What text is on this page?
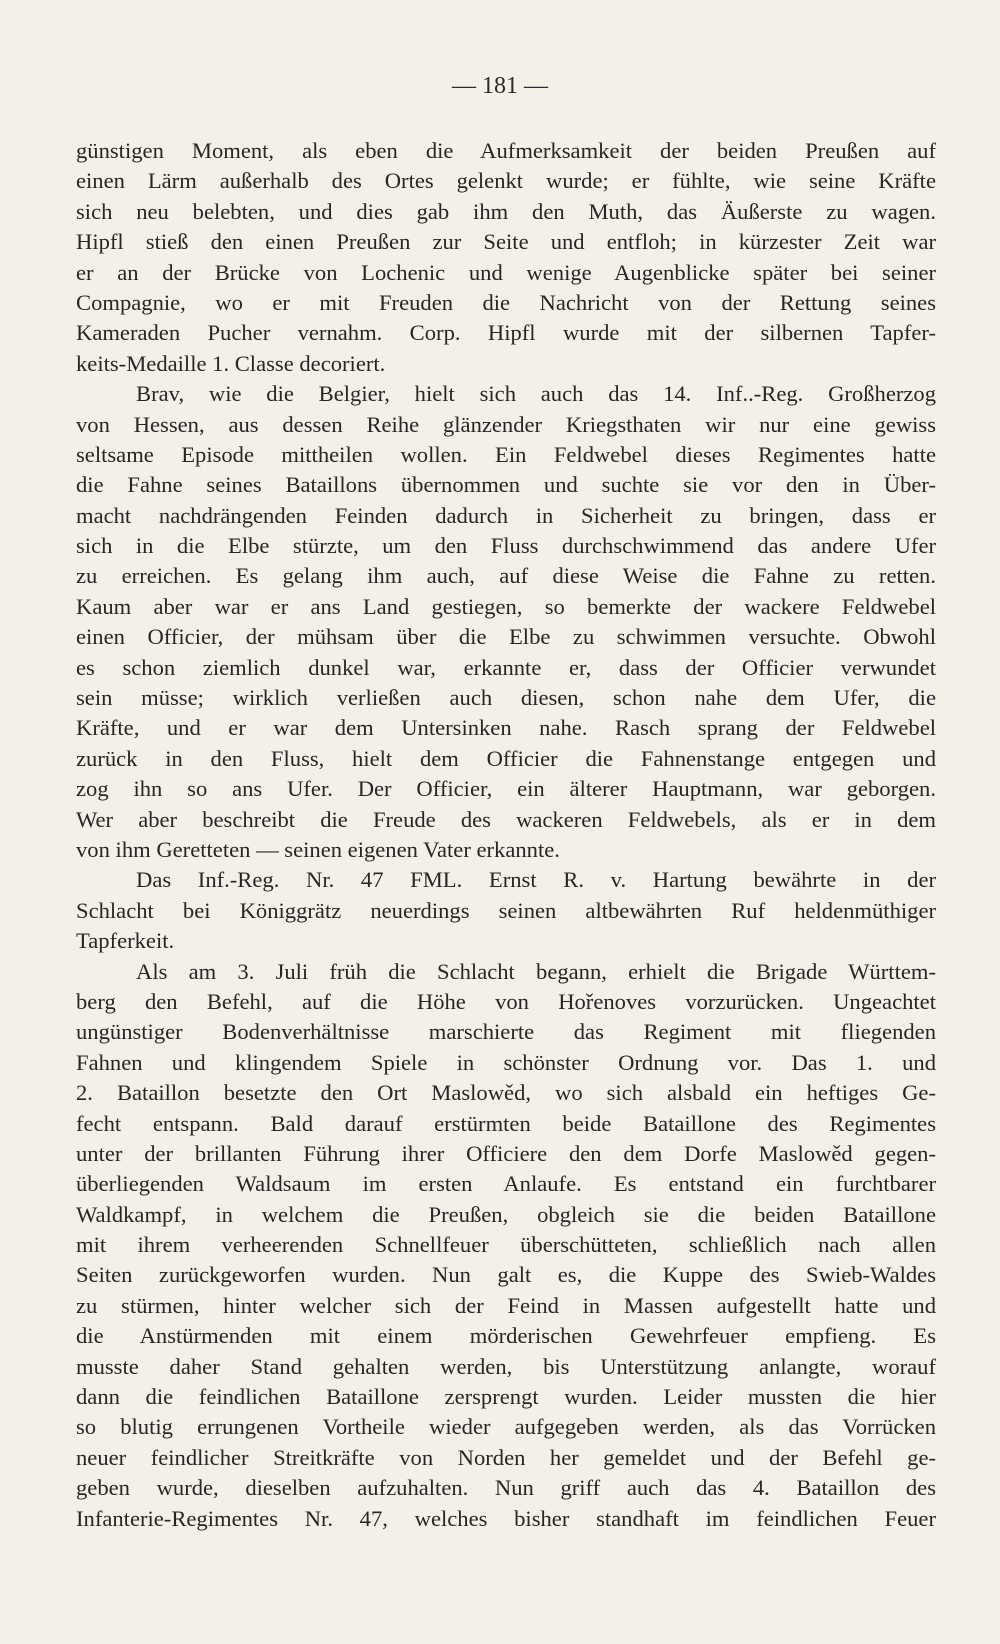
— 181 —
günstigen Moment, als eben die Aufmerksamkeit der beiden Preußen auf
einen Lärm außerhalb des Ortes gelenkt wurde; er fühlte, wie seine Kräfte
sich neu belebten, und dies gab ihm den Muth, das Äußerste zu wagen.
Hipfl stieß den einen Preußen zur Seite und entfloh; in kürzester Zeit war
er an der Brücke von Lochenic und wenige Augenblicke später bei seiner
Compagnie, wo er mit Freuden die Nachricht von der Rettung seines
Kameraden Pucher vernahm. Corp. Hipfl wurde mit der silbernen Tapfer-
keits-Medaille 1. Classe decoriert.
Brav, wie die Belgier, hielt sich auch das 14. Inf..-Reg. Großherzog
von Hessen, aus dessen Reihe glänzender Kriegsthaten wir nur eine gewiss
seltsame Episode mittheilen wollen. Ein Feldwebel dieses Regimentes hatte
die Fahne seines Bataillons übernommen und suchte sie vor den in Über-
macht nachdrängenden Feinden dadurch in Sicherheit zu bringen, dass er
sich in die Elbe stürzte, um den Fluss durchschwimmend das andere Ufer
zu erreichen. Es gelang ihm auch, auf diese Weise die Fahne zu retten.
Kaum aber war er ans Land gestiegen, so bemerkte der wackere Feldwebel
einen Officier, der mühsam über die Elbe zu schwimmen versuchte. Obwohl
es schon ziemlich dunkel war, erkannte er, dass der Officier verwundet
sein müsse; wirklich verließen auch diesen, schon nahe dem Ufer, die
Kräfte, und er war dem Untersinken nahe. Rasch sprang der Feldwebel
zurück in den Fluss, hielt dem Officier die Fahnenstange entgegen und
zog ihn so ans Ufer. Der Officier, ein älterer Hauptmann, war geborgen.
Wer aber beschreibt die Freude des wackeren Feldwebels, als er in dem
von ihm Geretteten — seinen eigenen Vater erkannte.
Das Inf.-Reg. Nr. 47 FML. Ernst R. v. Hartung bewährte in der
Schlacht bei Königgrätz neuerdings seinen altbewährten Ruf heldenmüthiger
Tapferkeit.
Als am 3. Juli früh die Schlacht begann, erhielt die Brigade Württem-
berg den Befehl, auf die Höhe von Hořenoves vorzurücken. Ungeachtet
ungünstiger Bodenverhältnisse marschierte das Regiment mit fliegenden
Fahnen und klingendem Spiele in schönster Ordnung vor. Das 1. und
2. Bataillon besetzte den Ort Maslowěd, wo sich alsbald ein heftiges Ge-
fecht entspann. Bald darauf erstürmten beide Bataillone des Regimentes
unter der brillanten Führung ihrer Officiere den dem Dorfe Maslowěd gegen-
überliegenden Waldsaum im ersten Anlaufe. Es entstand ein furchtbarer
Waldkampf, in welchem die Preußen, obgleich sie die beiden Bataillone
mit ihrem verheerenden Schnellfeuer überschütteten, schließlich nach allen
Seiten zurückgeworfen wurden. Nun galt es, die Kuppe des Swieb-Waldes
zu stürmen, hinter welcher sich der Feind in Massen aufgestellt hatte und
die Anstürmenden mit einem mörderischen Gewehrfeuer empfieng. Es
musste daher Stand gehalten werden, bis Unterstützung anlangte, worauf
dann die feindlichen Bataillone zersprengt wurden. Leider mussten die hier
so blutig errungenen Vortheile wieder aufgegeben werden, als das Vorrücken
neuer feindlicher Streitkräfte von Norden her gemeldet und der Befehl ge-
geben wurde, dieselben aufzuhalten. Nun griff auch das 4. Bataillon des
Infanterie-Regimentes Nr. 47, welches bisher standhaft im feindlichen Feuer
